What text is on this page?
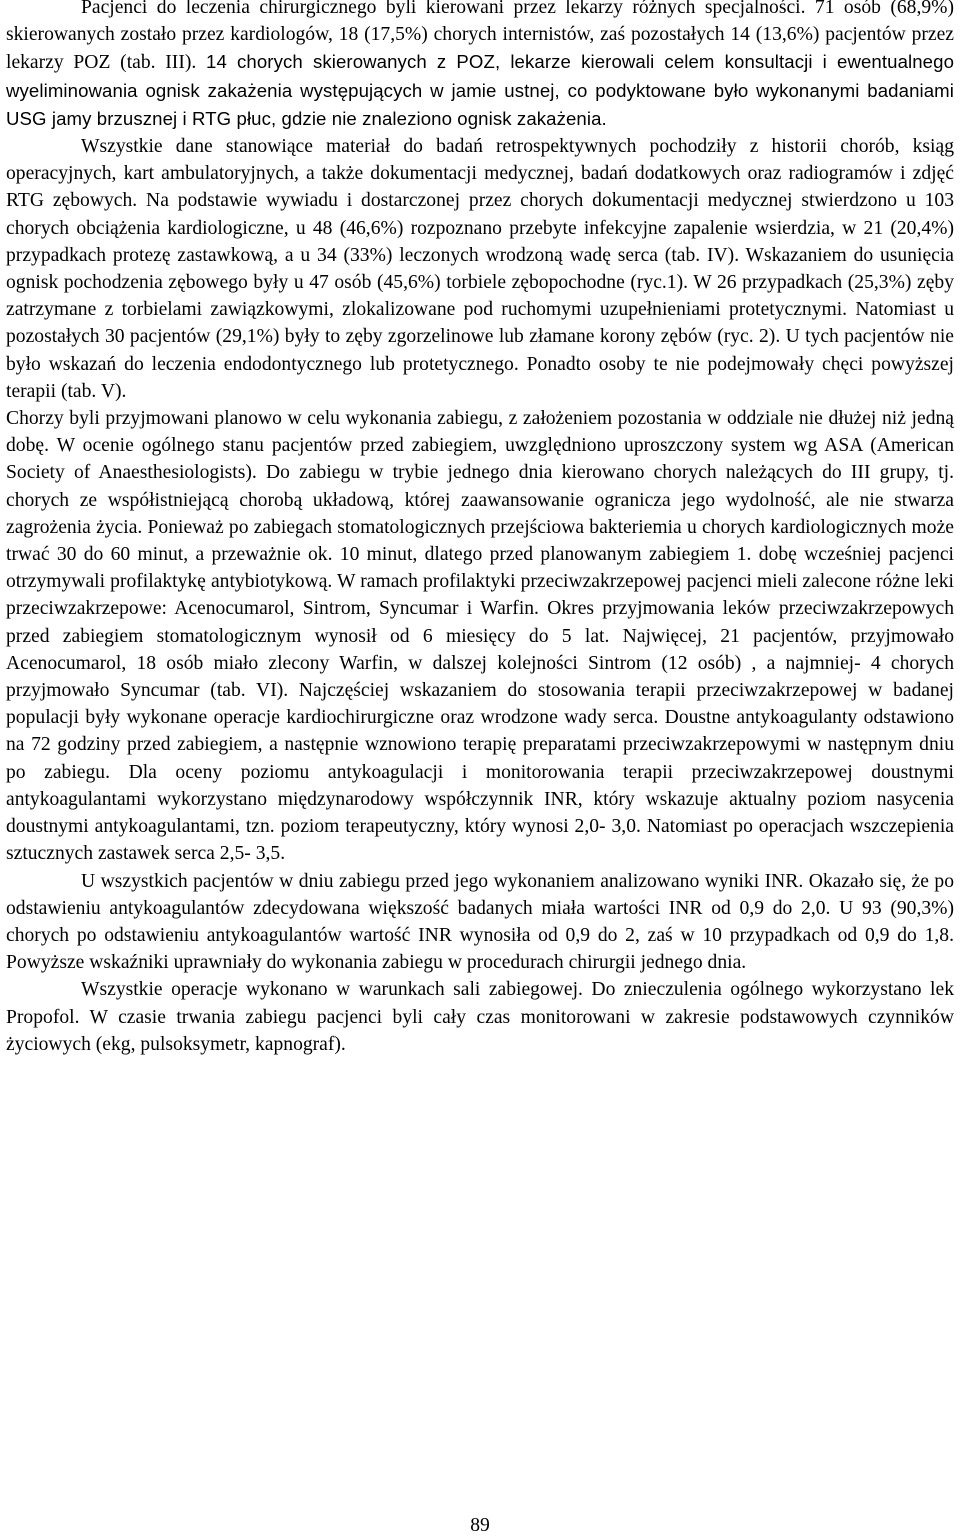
Pacjenci do leczenia chirurgicznego byli kierowani przez lekarzy różnych specjalności. 71 osób (68,9%) skierowanych zostało przez kardiologów, 18 (17,5%) chorych internistów, zaś pozostałych 14 (13,6%) pacjentów przez lekarzy POZ (tab. III). 14 chorych skierowanych z POZ, lekarze kierowali celem konsultacji i ewentualnego wyeliminowania ognisk zakażenia występujących w jamie ustnej, co podyktowane było wykonanymi badaniami USG jamy brzusznej i RTG płuc, gdzie nie znaleziono ognisk zakażenia.

Wszystkie dane stanowiące materiał do badań retrospektywnych pochodziły z historii chorób, ksiąg operacyjnych, kart ambulatoryjnych, a także dokumentacji medycznej, badań dodatkowych oraz radiogramów i zdjęć RTG zębowych. Na podstawie wywiadu i dostarczonej przez chorych dokumentacji medycznej stwierdzono u 103 chorych obciążenia kardiologiczne, u 48 (46,6%) rozpoznano przebyte infekcyjne zapalenie wsierdzia, w 21 (20,4%) przypadkach protezę zastawkową, a u 34 (33%) leczonych wrodzoną wadę serca (tab. IV). Wskazaniem do usunięcia ognisk pochodzenia zębowego były u 47 osób (45,6%) torbiele zębopochodne (ryc.1). W 26 przypadkach (25,3%) zęby zatrzymane z torbielami zawiązkowymi, zlokalizowane pod ruchomymi uzupełnieniami protetycznymi. Natomiast u pozostałych 30 pacjentów (29,1%) były to zęby zgorzelinowe lub złamane korony zębów (ryc. 2). U tych pacjentów nie było wskazań do leczenia endodontycznego lub protetycznego. Ponadto osoby te nie podejmowały chęci powyższej terapii (tab. V).

Chorzy byli przyjmowani planowo w celu wykonania zabiegu, z założeniem pozostania w oddziale nie dłużej niż jedną dobę. W ocenie ogólnego stanu pacjentów przed zabiegiem, uwzględniono uproszczony system wg ASA (American Society of Anaesthesiologists). Do zabiegu w trybie jednego dnia kierowano chorych należących do III grupy, tj. chorych ze współistniejącą chorobą układową, której zaawansowanie ogranicza jego wydolność, ale nie stwarza zagrożenia życia. Ponieważ po zabiegach stomatologicznych przejściowa bakteriemia u chorych kardiologicznych może trwać 30 do 60 minut, a przeważnie ok. 10 minut, dlatego przed planowanym zabiegiem 1. dobę wcześniej pacjenci otrzymywali profilaktykę antybiotykową. W ramach profilaktyki przeciwzakrzepowej pacjenci mieli zalecone różne leki przeciwzakrzepowe: Acenocumarol, Sintrom, Syncumar i Warfin. Okres przyjmowania leków przeciwzakrzepowych przed zabiegiem stomatologicznym wynosił od 6 miesięcy do 5 lat. Najwięcej, 21 pacjentów, przyjmowało Acenocumarol, 18 osób miało zlecony Warfin, w dalszej kolejności Sintrom (12 osób) , a najmniej- 4 chorych przyjmowało Syncumar (tab. VI). Najczęściej wskazaniem do stosowania terapii przeciwzakrzepowej w badanej populacji były wykonane operacje kardiochirurgiczne oraz wrodzone wady serca. Doustne antykoagulanty odstawiono na 72 godziny przed zabiegiem, a następnie wznowiono terapię preparatami przeciwzakrzepowymi w następnym dniu po zabiegu. Dla oceny poziomu antykoagulacji i monitorowania terapii przeciwzakrzepowej doustnymi antykoagulantami wykorzystano międzynarodowy współczynnik INR, który wskazuje aktualny poziom nasycenia doustnymi antykoagulantami, tzn. poziom terapeutyczny, który wynosi 2,0- 3,0. Natomiast po operacjach wszczepienia sztucznych zastawek serca 2,5- 3,5.

U wszystkich pacjentów w dniu zabiegu przed jego wykonaniem analizowano wyniki INR. Okazało się, że po odstawieniu antykoagulantów zdecydowana większość badanych miała wartości INR od 0,9 do 2,0. U 93 (90,3%) chorych po odstawieniu antykoagulantów wartość INR wynosiła od 0,9 do 2, zaś w 10 przypadkach od 0,9 do 1,8. Powyższe wskaźniki uprawniały do wykonania zabiegu w procedurach chirurgii jednego dnia.

Wszystkie operacje wykonano w warunkach sali zabiegowej. Do znieczulenia ogólnego wykorzystano lek Propofol. W czasie trwania zabiegu pacjenci byli cały czas monitorowani w zakresie podstawowych czynników życiowych (ekg, pulsoksymetr, kapnograf).

89
